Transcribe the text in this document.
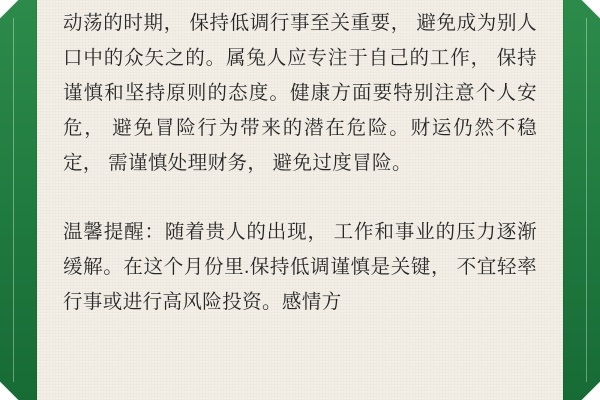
动荡的时期， 保持低调行事至关重要， 避免成为别人口中的众矢之的。属兔人应专注于自己的工作， 保持谨慎和坚持原则的态度。健康方面要特别注意个人安危， 避免冒险行为带来的潜在危险。财运仍然不稳定， 需谨慎处理财务， 避免过度冒险。

温馨提醒：随着贵人的出现， 工作和事业的压力逐渐缓解。在这个月份里.保持低调谨慎是关键， 不宜轻率行事或进行高风险投资。感情方
